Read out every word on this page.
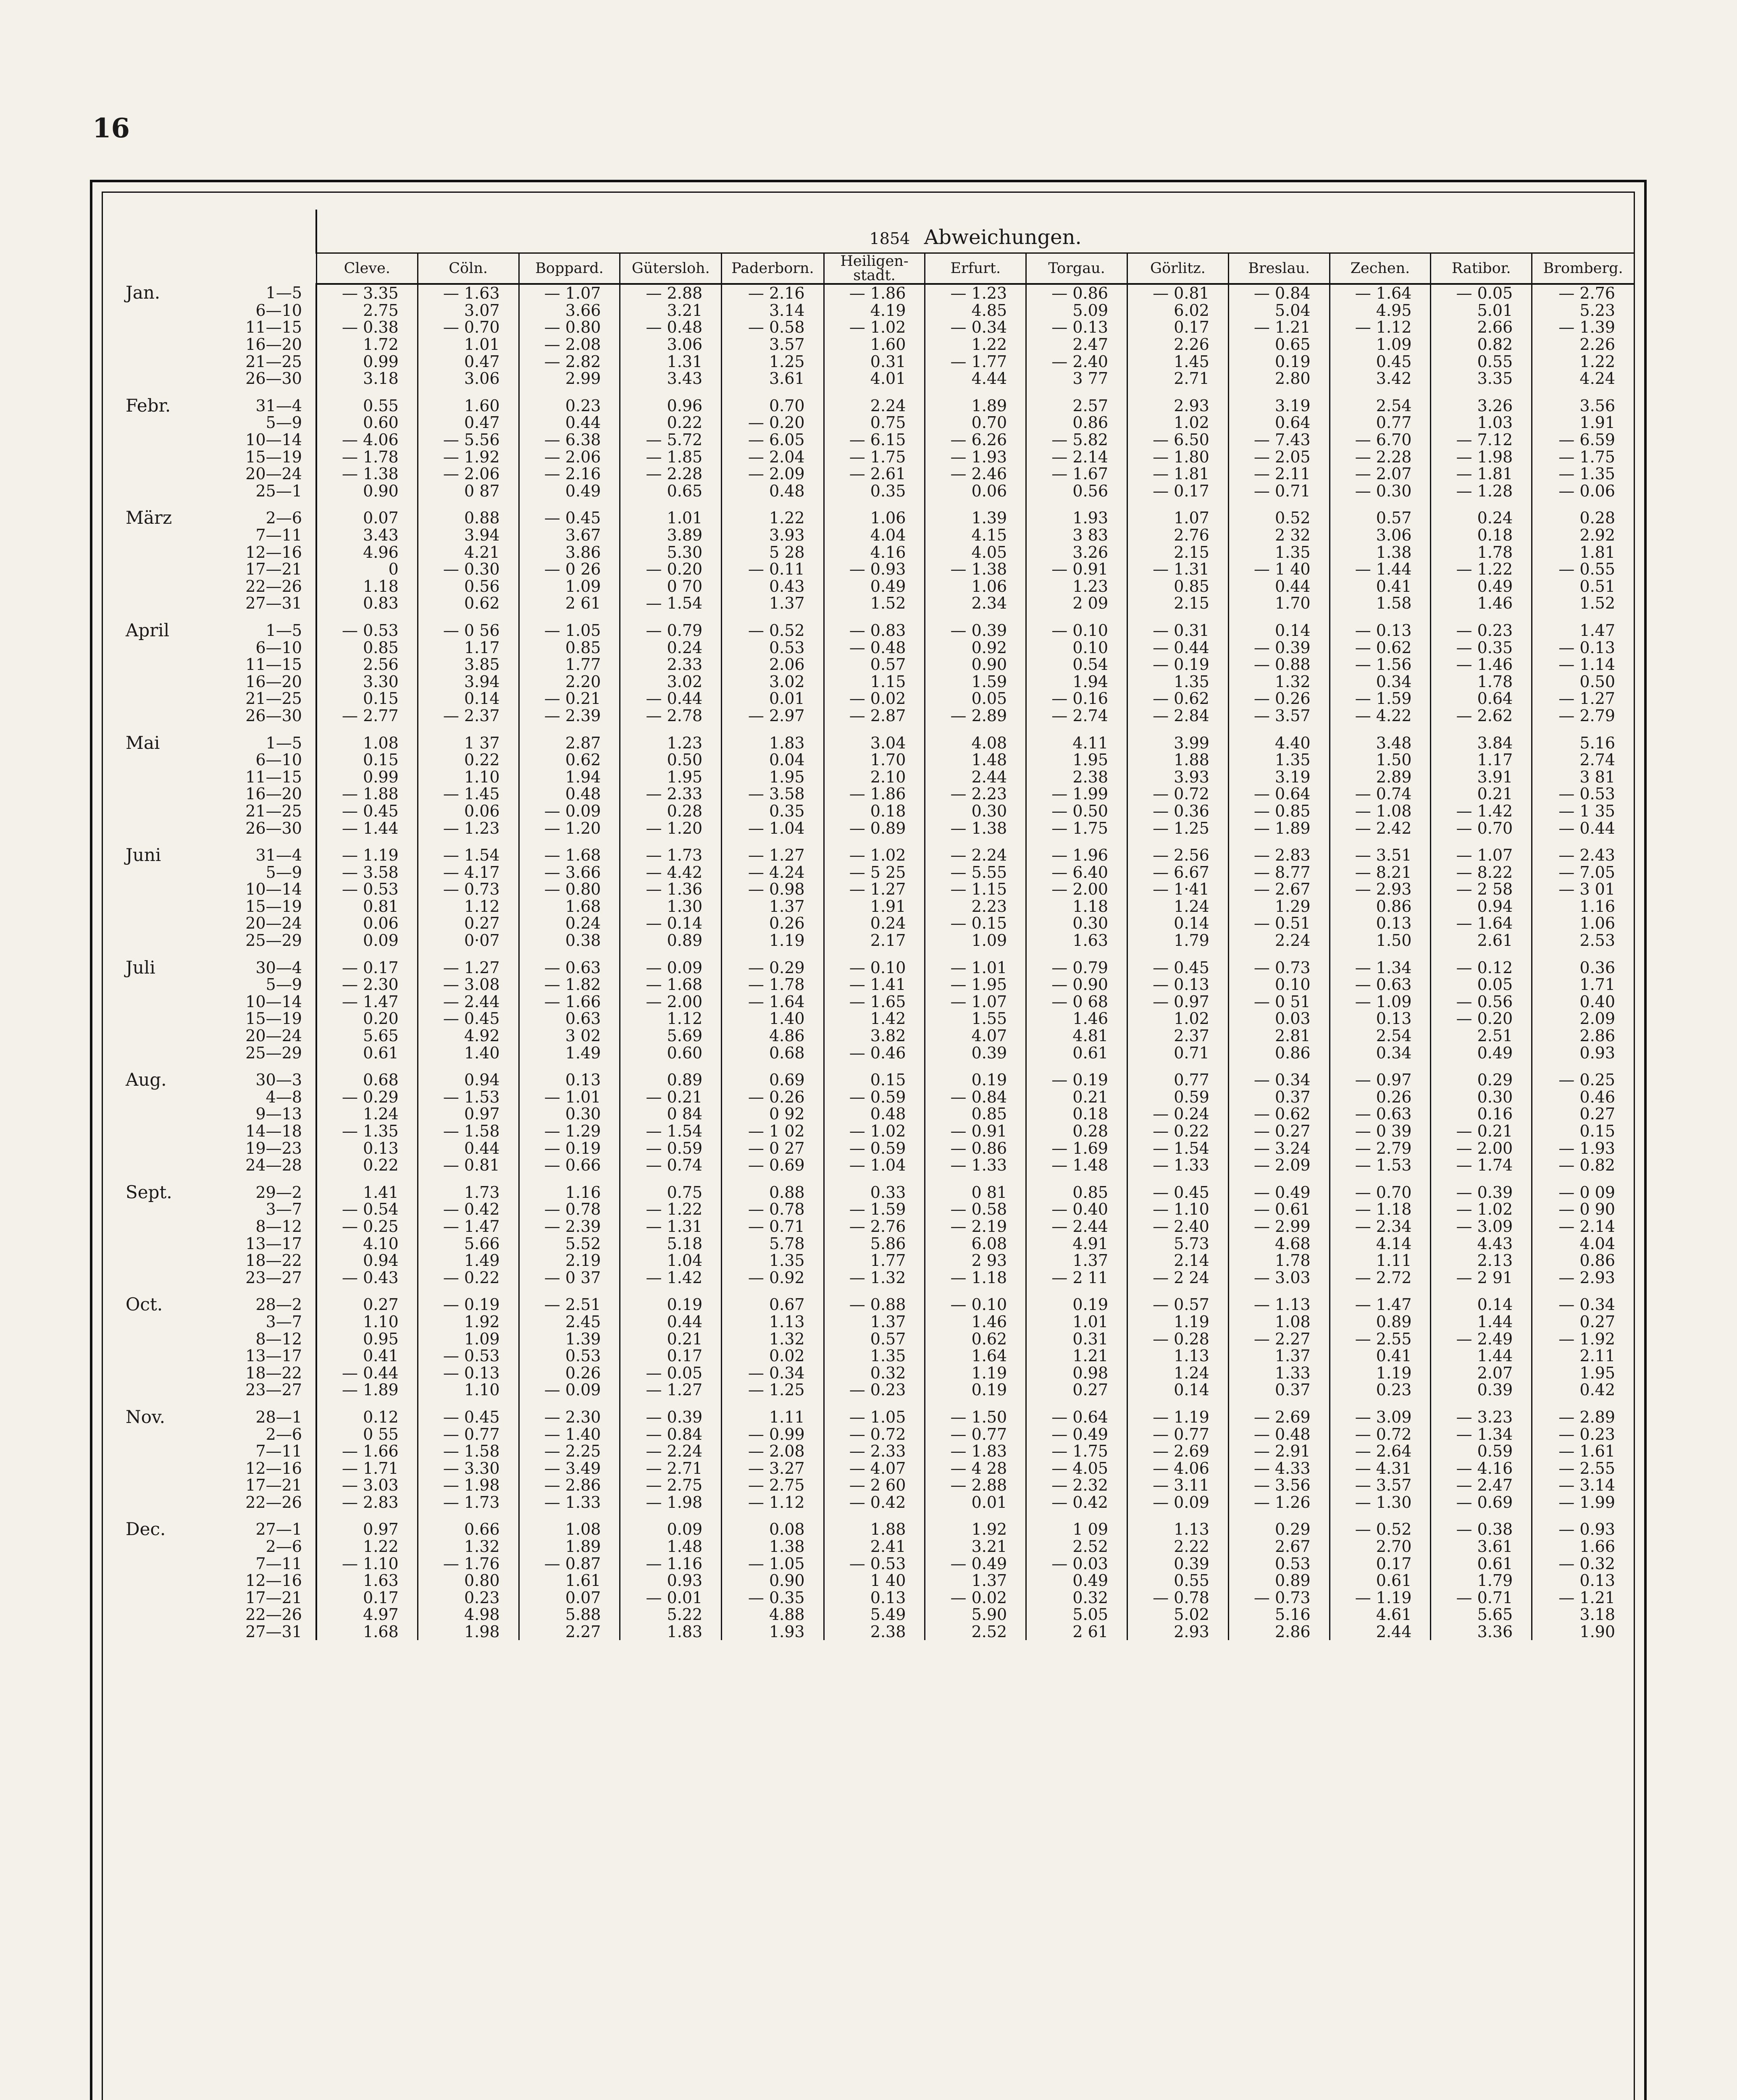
16
	1854 Abweichungen.												
	Cleve.	Cöln.	Boppard.	Gütersloh.	Paderborn.	Heiligen-stadt.	Erfurt.	Torgau.	Görlitz.	Breslau.	Zechen.	Ratibor.	Bromberg.

Jan. 1—5	— 3.35	— 1.63	— 1.07	— 2.88	— 2.16	— 1.86	— 1.23	— 0.86	— 0.81	— 0.84	— 1.64	— 0.05	— 2.76

6—10	2.75	3.07	3.66	3.21	3.14	4.19	4.85	5.09	6.02	5.04	4.95	5.01	5.23

11—15	— 0.38	— 0.70	— 0.80	— 0.48	— 0.58	— 1.02	— 0.34	— 0.13	0.17	— 1.21	— 1.12	2.66	— 1.39

16—20	1.72	1.01	— 2.08	3.06	3.57	1.60	1.22	2.47	2.26	0.65	1.09	0.82	2.26

21—25	0.99	0.47	— 2.82	1.31	1.25	0.31	— 1.77	— 2.40	1.45	0.19	0.45	0.55	1.22

26—30	3.18	3.06	2.99	3.43	3.61	4.01	4.44	3 77	2.71	2.80	3.42	3.35	4.24

Febr. 31—4	0.55	1.60	0.23	0.96	0.70	2.24	1.89	2.57	2.93	3.19	2.54	3.26	3.56

5—9	0.60	0.47	0.44	0.22	— 0.20	0.75	0.70	0.86	1.02	0.64	0.77	1.03	1.91

10—14	— 4.06	— 5.56	— 6.38	— 5.72	— 6.05	— 6.15	— 6.26	— 5.82	— 6.50	— 7.43	— 6.70	— 7.12	— 6.59

15—19	— 1.78	— 1.92	— 2.06	— 1.85	— 2.04	— 1.75	— 1.93	— 2.14	— 1.80	— 2.05	— 2.28	— 1.98	— 1.75

20—24	— 1.38	— 2.06	— 2.16	— 2.28	— 2.09	— 2.61	— 2.46	— 1.67	— 1.81	— 2.11	— 2.07	— 1.81	— 1.35

25—1	0.90	0 87	0.49	0.65	0.48	0.35	0.06	0.56	— 0.17	— 0.71	— 0.30	— 1.28	— 0.06

März 2—6	0.07	0.88	— 0.45	1.01	1.22	1.06	1.39	1.93	1.07	0.52	0.57	0.24	0.28

7—11	3.43	3.94	3.67	3.89	3.93	4.04	4.15	3 83	2.76	2 32	3.06	0.18	2.92

12—16	4.96	4.21	3.86	5.30	5 28	4.16	4.05	3.26	2.15	1.35	1.38	1.78	1.81

17—21	0	— 0.30	— 0 26	— 0.20	— 0.11	— 0.93	— 1.38	— 0.91	— 1.31	— 1 40	— 1.44	— 1.22	— 0.55

22—26	1.18	0.56	1.09	0 70	0.43	0.49	1.06	1.23	0.85	0.44	0.41	0.49	0.51

27—31	0.83	0.62	2 61	— 1.54	1.37	1.52	2.34	2 09	2.15	1.70	1.58	1.46	1.52

April 1—5	— 0.53	— 0 56	— 1.05	— 0.79	— 0.52	— 0.83	— 0.39	— 0.10	— 0.31	0.14	— 0.13	— 0.23	1.47

6—10	0.85	1.17	0.85	0.24	0.53	— 0.48	0.92	0.10	— 0.44	— 0.39	— 0.62	— 0.35	— 0.13

11—15	2.56	3.85	1.77	2.33	2.06	0.57	0.90	0.54	— 0.19	— 0.88	— 1.56	— 1.46	— 1.14

16—20	3.30	3.94	2.20	3.02	3.02	1.15	1.59	1.94	1.35	1.32	0.34	1.78	0.50

21—25	0.15	0.14	— 0.21	— 0.44	0.01	— 0.02	0.05	— 0.16	— 0.62	— 0.26	— 1.59	0.64	— 1.27

26—30	— 2.77	— 2.37	— 2.39	— 2.78	— 2.97	— 2.87	— 2.89	— 2.74	— 2.84	— 3.57	— 4.22	— 2.62	— 2.79

Mai 1—5	1.08	1 37	2.87	1.23	1.83	3.04	4.08	4.11	3.99	4.40	3.48	3.84	5.16

6—10	0.15	0.22	0.62	0.50	0.04	1.70	1.48	1.95	1.88	1.35	1.50	1.17	2.74

11—15	0.99	1.10	1.94	1.95	1.95	2.10	2.44	2.38	3.93	3.19	2.89	3.91	3 81

16—20	— 1.88	— 1.45	0.48	— 2.33	— 3.58	— 1.86	— 2.23	— 1.99	— 0.72	— 0.64	— 0.74	0.21	— 0.53

21—25	— 0.45	0.06	— 0.09	0.28	0.35	0.18	0.30	— 0.50	— 0.36	— 0.85	— 1.08	— 1.42	— 1 35

26—30	— 1.44	— 1.23	— 1.20	— 1.20	— 1.04	— 0.89	— 1.38	— 1.75	— 1.25	— 1.89	— 2.42	— 0.70	— 0.44

Juni 31—4	— 1.19	— 1.54	— 1.68	— 1.73	— 1.27	— 1.02	— 2.24	— 1.96	— 2.56	— 2.83	— 3.51	— 1.07	— 2.43

5—9	— 3.58	— 4.17	— 3.66	— 4.42	— 4.24	— 5 25	— 5.55	— 6.40	— 6.67	— 8.77	— 8.21	— 8.22	— 7.05

10—14	— 0.53	— 0.73	— 0.80	— 1.36	— 0.98	— 1.27	— 1.15	— 2.00	— 1·41	— 2.67	— 2.93	— 2 58	— 3 01

15—19	0.81	1.12	1.68	1.30	1.37	1.91	2.23	1.18	1.24	1.29	0.86	0.94	1.16

20—24	0.06	0.27	0.24	— 0.14	0.26	0.24	— 0.15	0.30	0.14	— 0.51	0.13	— 1.64	1.06

25—29	0.09	0·07	0.38	0.89	1.19	2.17	1.09	1.63	1.79	2.24	1.50	2.61	2.53

Juli 30—4	— 0.17	— 1.27	— 0.63	— 0.09	— 0.29	— 0.10	— 1.01	— 0.79	— 0.45	— 0.73	— 1.34	— 0.12	0.36

5—9	— 2.30	— 3.08	— 1.82	— 1.68	— 1.78	— 1.41	— 1.95	— 0.90	— 0.13	0.10	— 0.63	0.05	1.71

10—14	— 1.47	— 2.44	— 1.66	— 2.00	— 1.64	— 1.65	— 1.07	— 0 68	— 0.97	— 0 51	— 1.09	— 0.56	0.40

15—19	0.20	— 0.45	0.63	1.12	1.40	1.42	1.55	1.46	1.02	0.03	0.13	— 0.20	2.09

20—24	5.65	4.92	3 02	5.69	4.86	3.82	4.07	4.81	2.37	2.81	2.54	2.51	2.86

25—29	0.61	1.40	1.49	0.60	0.68	— 0.46	0.39	0.61	0.71	0.86	0.34	0.49	0.93

Aug. 30—3	0.68	0.94	0.13	0.89	0.69	0.15	0.19	— 0.19	0.77	— 0.34	— 0.97	0.29	— 0.25

4—8	— 0.29	— 1.53	— 1.01	— 0.21	— 0.26	— 0.59	— 0.84	0.21	0.59	0.37	0.26	0.30	0.46

9—13	1.24	0.97	0.30	0 84	0 92	0.48	0.85	0.18	— 0.24	— 0.62	— 0.63	0.16	0.27

14—18	— 1.35	— 1.58	— 1.29	— 1.54	— 1 02	— 1.02	— 0.91	0.28	— 0.22	— 0.27	— 0 39	— 0.21	0.15

19—23	0.13	0.44	— 0.19	— 0.59	— 0 27	— 0.59	— 0.86	— 1.69	— 1.54	— 3.24	— 2.79	— 2.00	— 1.93

24—28	0.22	— 0.81	— 0.66	— 0.74	— 0.69	— 1.04	— 1.33	— 1.48	— 1.33	— 2.09	— 1.53	— 1.74	— 0.82

Sept. 29—2	1.41	1.73	1.16	0.75	0.88	0.33	0 81	0.85	— 0.45	— 0.49	— 0.70	— 0.39	— 0 09

3—7	— 0.54	— 0.42	— 0.78	— 1.22	— 0.78	— 1.59	— 0.58	— 0.40	— 1.10	— 0.61	— 1.18	— 1.02	— 0 90

8—12	— 0.25	— 1.47	— 2.39	— 1.31	— 0.71	— 2.76	— 2.19	— 2.44	— 2.40	— 2.99	— 2.34	— 3.09	— 2.14

13—17	4.10	5.66	5.52	5.18	5.78	5.86	6.08	4.91	5.73	4.68	4.14	4.43	4.04

18—22	0.94	1.49	2.19	1.04	1.35	1.77	2 93	1.37	2.14	1.78	1.11	2.13	0.86

23—27	— 0.43	— 0.22	— 0 37	— 1.42	— 0.92	— 1.32	— 1.18	— 2 11	— 2 24	— 3.03	— 2.72	— 2 91	— 2.93

Oct. 28—2	0.27	— 0.19	— 2.51	0.19	0.67	— 0.88	— 0.10	0.19	— 0.57	— 1.13	— 1.47	0.14	— 0.34

3—7	1.10	1.92	2.45	0.44	1.13	1.37	1.46	1.01	1.19	1.08	0.89	1.44	0.27

8—12	0.95	1.09	1.39	0.21	1.32	0.57	0.62	0.31	— 0.28	— 2.27	— 2.55	— 2.49	— 1.92

13—17	0.41	— 0.53	0.53	0.17	0.02	1.35	1.64	1.21	1.13	1.37	0.41	1.44	2.11

18—22	— 0.44	— 0.13	0.26	— 0.05	— 0.34	0.32	1.19	0.98	1.24	1.33	1.19	2.07	1.95

23—27	— 1.89	1.10	— 0.09	— 1.27	— 1.25	— 0.23	0.19	0.27	0.14	0.37	0.23	0.39	0.42

Nov. 28—1	0.12	— 0.45	— 2.30	— 0.39	1.11	— 1.05	— 1.50	— 0.64	— 1.19	— 2.69	— 3.09	— 3.23	— 2.89

2—6	0 55	— 0.77	— 1.40	— 0.84	— 0.99	— 0.72	— 0.77	— 0.49	— 0.77	— 0.48	— 0.72	— 1.34	— 0.23

7—11	— 1.66	— 1.58	— 2.25	— 2.24	— 2.08	— 2.33	— 1.83	— 1.75	— 2.69	— 2.91	— 2.64	0.59	— 1.61

12—16	— 1.71	— 3.30	— 3.49	— 2.71	— 3.27	— 4.07	— 4 28	— 4.05	— 4.06	— 4.33	— 4.31	— 4.16	— 2.55

17—21	— 3.03	— 1.98	— 2.86	— 2.75	— 2.75	— 2 60	— 2.88	— 2.32	— 3.11	— 3.56	— 3.57	— 2.47	— 3.14

22—26	— 2.83	— 1.73	— 1.33	— 1.98	— 1.12	— 0.42	0.01	— 0.42	— 0.09	— 1.26	— 1.30	— 0.69	— 1.99

Dec. 27—1	0.97	0.66	1.08	0.09	0.08	1.88	1.92	1 09	1.13	0.29	— 0.52	— 0.38	— 0.93

2—6	1.22	1.32	1.89	1.48	1.38	2.41	3.21	2.52	2.22	2.67	2.70	3.61	1.66

7—11	— 1.10	— 1.76	— 0.87	— 1.16	— 1.05	— 0.53	— 0.49	— 0.03	0.39	0.53	0.17	0.61	— 0.32

12—16	1.63	0.80	1.61	0.93	0.90	1 40	1.37	0.49	0.55	0.89	0.61	1.79	0.13

17—21	0.17	0.23	0.07	— 0.01	— 0.35	0.13	— 0.02	0.32	— 0.78	— 0.73	— 1.19	— 0.71	— 1.21

22—26	4.97	4.98	5.88	5.22	4.88	5.49	5.90	5.05	5.02	5.16	4.61	5.65	3.18

27—31	1.68	1.98	2.27	1.83	1.93	2.38	2.52	2 61	2.93	2.86	2.44	3.36	1.90
